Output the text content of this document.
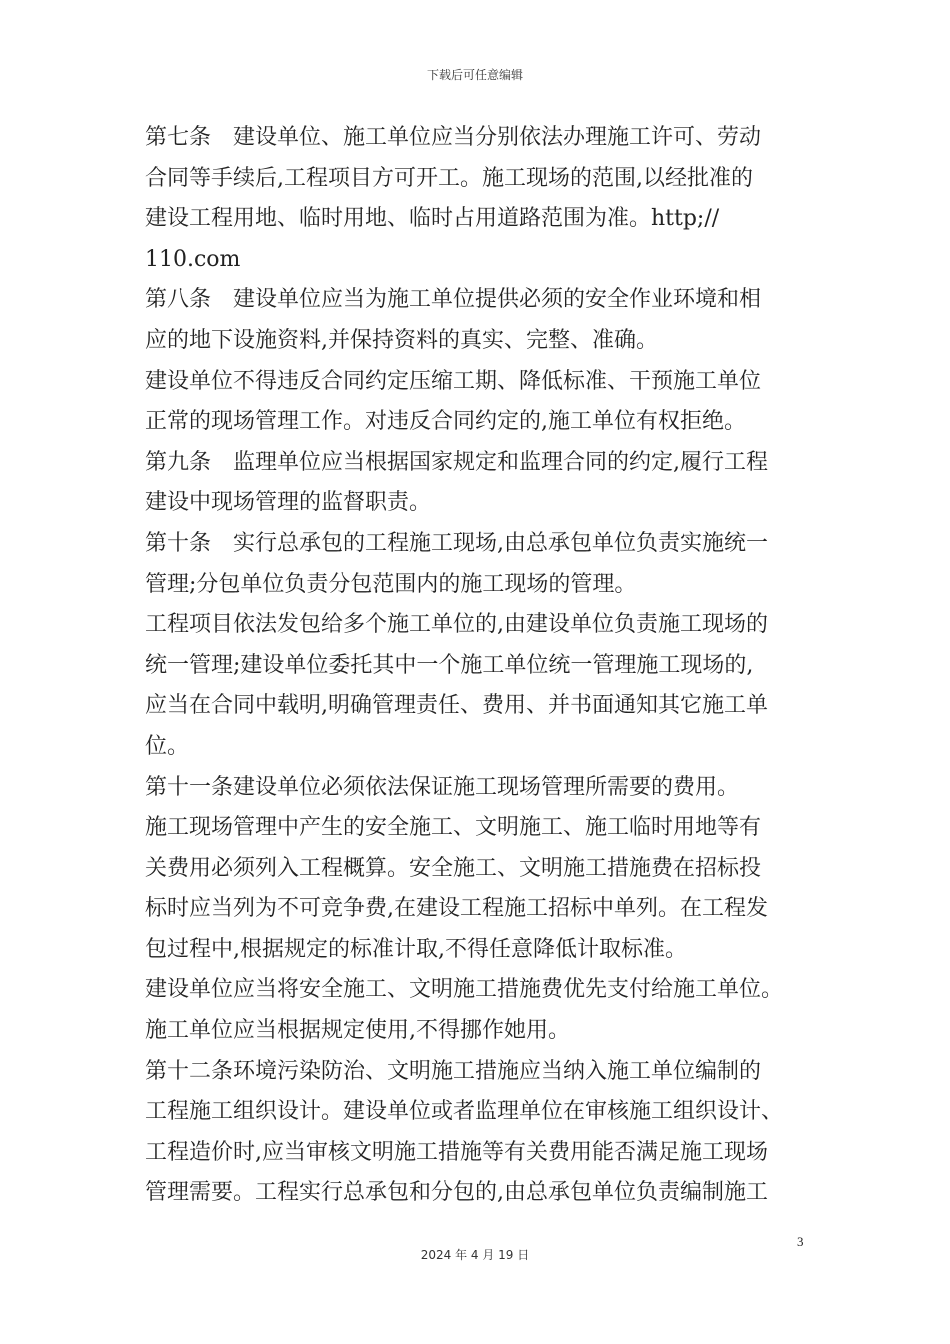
下载后可任意编辑
第七条　建设单位、施工单位应当分别依法办理施工许可、劳动
合同等手续后,工程项目方可开工。施工现场的范围,以经批准的
建设工程用地、临时用地、临时占用道路范围为准。http;//
110.com
第八条　建设单位应当为施工单位提供必须的安全作业环境和相
应的地下设施资料,并保持资料的真实、完整、准确。
建设单位不得违反合同约定压缩工期、降低标准、干预施工单位
正常的现场管理工作。对违反合同约定的,施工单位有权拒绝。
第九条　监理单位应当根据国家规定和监理合同的约定,履行工程
建设中现场管理的监督职责。
第十条　实行总承包的工程施工现场,由总承包单位负责实施统一
管理;分包单位负责分包范围内的施工现场的管理。
工程项目依法发包给多个施工单位的,由建设单位负责施工现场的
统一管理;建设单位委托其中一个施工单位统一管理施工现场的,
应当在合同中载明,明确管理责任、费用、并书面通知其它施工单
位。
第十一条建设单位必须依法保证施工现场管理所需要的费用。
施工现场管理中产生的安全施工、文明施工、施工临时用地等有
关费用必须列入工程概算。安全施工、文明施工措施费在招标投
标时应当列为不可竞争费,在建设工程施工招标中单列。在工程发
包过程中,根据规定的标准计取,不得任意降低计取标准。
建设单位应当将安全施工、文明施工措施费优先支付给施工单位。
施工单位应当根据规定使用,不得挪作她用。
第十二条环境污染防治、文明施工措施应当纳入施工单位编制的
工程施工组织设计。建设单位或者监理单位在审核施工组织设计、
工程造价时,应当审核文明施工措施等有关费用能否满足施工现场
管理需要。工程实行总承包和分包的,由总承包单位负责编制施工
3
2024 年 4 月 19 日
